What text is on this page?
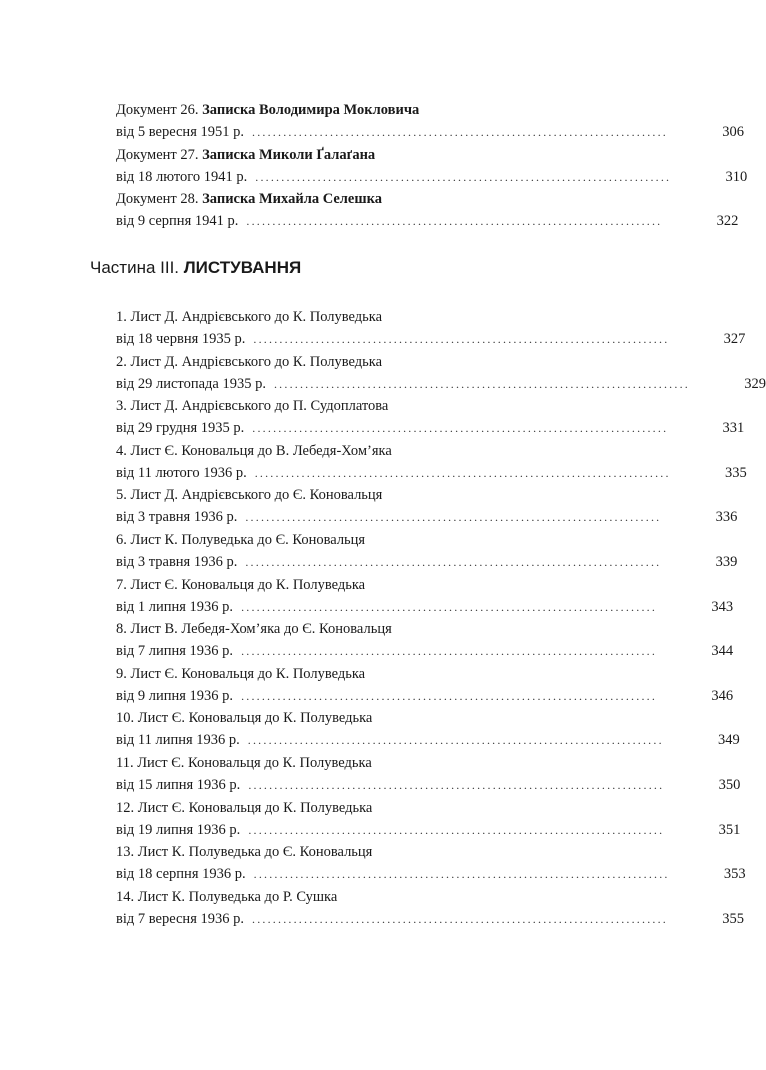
Документ 26. Записка Володимира Мокловича
від 5 вересня 1951 р. ................................................................................	306
Документ 27. Записка Миколи Ґалаґана
від 18 лютого 1941 р. ................................................................................	310
Документ 28. Записка Михайла Селешка
від 9 серпня 1941 р. ................................................................................	322
Частина ІІІ. ЛИСТУВАННЯ
1. Лист Д. Андрієвського до К. Полуведька
від 18 червня 1935 р. ................................................................................	327
2. Лист Д. Андрієвського до К. Полуведька
від 29 листопада 1935 р. ................................................................................	329
3. Лист Д. Андрієвського до П. Судоплатова
від 29 грудня 1935 р. ................................................................................	331
4. Лист Є. Коновальця до В. Лебедя-Хом’яка
від 11 лютого 1936 р. ................................................................................	335
5. Лист Д. Андрієвського до Є. Коновальця
від 3 травня 1936 р. ................................................................................	336
6. Лист К. Полуведька до Є. Коновальця
від 3 травня 1936 р. ................................................................................	339
7. Лист Є. Коновальця до К. Полуведька
від 1 липня 1936 р. ................................................................................	343
8. Лист В. Лебедя-Хом’яка до Є. Коновальця
від 7 липня 1936 р. ................................................................................	344
9. Лист Є. Коновальця до К. Полуведька
від 9 липня 1936 р. ................................................................................	346
10. Лист Є. Коновальця до К. Полуведька
від 11 липня 1936 р. ................................................................................	349
11. Лист Є. Коновальця до К. Полуведька
від 15 липня 1936 р. ................................................................................	350
12. Лист Є. Коновальця до К. Полуведька
від 19 липня 1936 р. ................................................................................	351
13. Лист К. Полуведька до Є. Коновальця
від 18 серпня 1936 р. ................................................................................	353
14. Лист К. Полуведька до Р. Сушка
від 7 вересня 1936 р. ................................................................................	355
